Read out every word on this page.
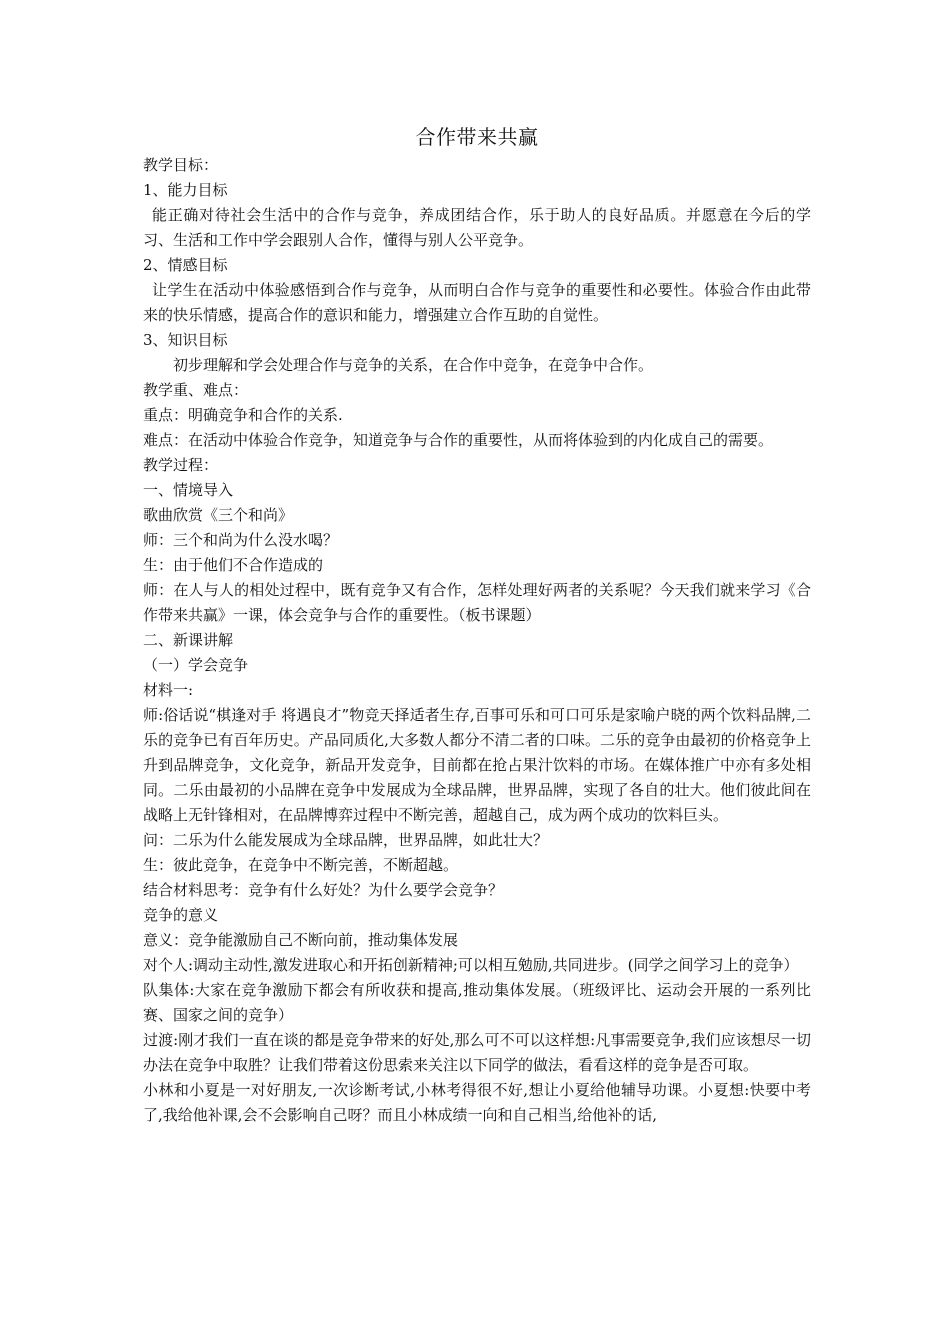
合作带来共赢

教学目标：

1、能力目标

能正确对待社会生活中的合作与竞争，养成团结合作，乐于助人的良好品质。并愿意在今后的学习、生活和工作中学会跟别人合作，懂得与别人公平竞争。

2、情感目标

让学生在活动中体验感悟到合作与竞争，从而明白合作与竞争的重要性和必要性。体验合作由此带来的快乐情感，提高合作的意识和能力，增强建立合作互助的自觉性。

3、知识目标

初步理解和学会处理合作与竞争的关系，在合作中竞争，在竞争中合作。

教学重、难点：

重点：明确竞争和合作的关系.

难点：在活动中体验合作竞争，知道竞争与合作的重要性，从而将体验到的内化成自己的需要。

教学过程：

一、情境导入

歌曲欣赏《三个和尚》

师：三个和尚为什么没水喝？

生：由于他们不合作造成的

师：在人与人的相处过程中，既有竞争又有合作，怎样处理好两者的关系呢？今天我们就来学习《合作带来共赢》一课，体会竞争与合作的重要性。（板书课题）

二、新课讲解

（一）学会竞争

材料一:

师:俗话说“棋逢对手 将遇良才”物竞天择适者生存,百事可乐和可口可乐是家喻户晓的两个饮料品牌,二乐的竞争已有百年历史。产品同质化,大多数人都分不清二者的口味。二乐的竞争由最初的价格竞争上升到品牌竞争，文化竞争，新品开发竞争，目前都在抢占果汁饮料的市场。在媒体推广中亦有多处相同。二乐由最初的小品牌在竞争中发展成为全球品牌，世界品牌，实现了各自的壮大。他们彼此间在战略上无针锋相对，在品牌博弈过程中不断完善，超越自己，成为两个成功的饮料巨头。

问：二乐为什么能发展成为全球品牌，世界品牌，如此壮大？

生：彼此竞争，在竞争中不断完善，不断超越。

结合材料思考：竞争有什么好处？为什么要学会竞争？

竞争的意义

意义：竞争能激励自己不断向前，推动集体发展

对个人:调动主动性,激发进取心和开拓创新精神;可以相互勉励,共同进步。(同学之间学习上的竞争）

队集体:大家在竞争激励下都会有所收获和提高,推动集体发展。（班级评比、运动会开展的一系列比赛、国家之间的竞争）

过渡:刚才我们一直在谈的都是竞争带来的好处,那么可不可以这样想:凡事需要竞争,我们应该想尽一切办法在竞争中取胜？让我们带着这份思索来关注以下同学的做法，看看这样的竞争是否可取。

小林和小夏是一对好朋友,一次诊断考试,小林考得很不好,想让小夏给他辅导功课。小夏想:快要中考了,我给他补课,会不会影响自己呀？而且小林成绩一向和自己相当,给他补的话,
